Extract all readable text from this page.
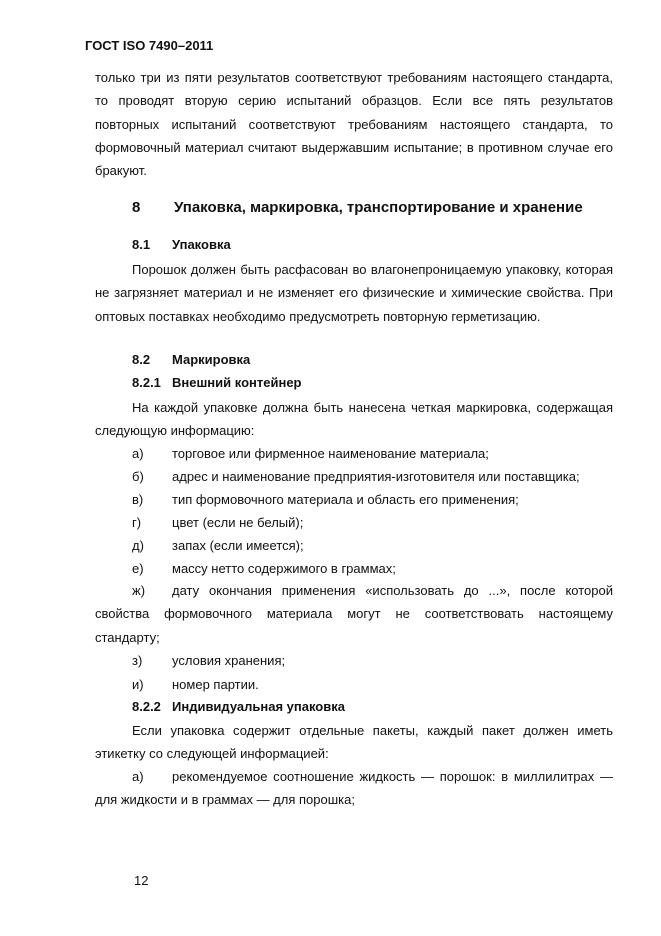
ГОСТ ISO 7490–2011
только три из пяти результатов соответствуют требованиям настоящего стандарта, то проводят вторую серию испытаний образцов. Если все пять результатов повторных испытаний соответствуют требованиям настоящего стандарта, то формовочный материал считают выдержавшим испытание; в противном случае его бракуют.
8 Упаковка, маркировка, транспортирование и хранение
8.1 Упаковка
Порошок должен быть расфасован во влагонепроницаемую упаковку, которая не загрязняет материал и не изменяет его физические и химические свойства. При оптовых поставках необходимо предусмотреть повторную герметизацию.
8.2 Маркировка
8.2.1 Внешний контейнер
На каждой упаковке должна быть нанесена четкая маркировка, содержащая следующую информацию:
а) торговое или фирменное наименование материала;
б) адрес и наименование предприятия-изготовителя или поставщика;
в) тип формовочного материала и область его применения;
г) цвет (если не белый);
д) запах (если имеется);
е) массу нетто содержимого в граммах;
ж) дату окончания применения «использовать до ...», после которой свойства формовочного материала могут не соответствовать настоящему стандарту;
з) условия хранения;
и) номер партии.
8.2.2 Индивидуальная упаковка
Если упаковка содержит отдельные пакеты, каждый пакет должен иметь этикетку со следующей информацией:
а) рекомендуемое соотношение жидкость — порошок: в миллилитрах — для жидкости и в граммах — для порошка;
12
